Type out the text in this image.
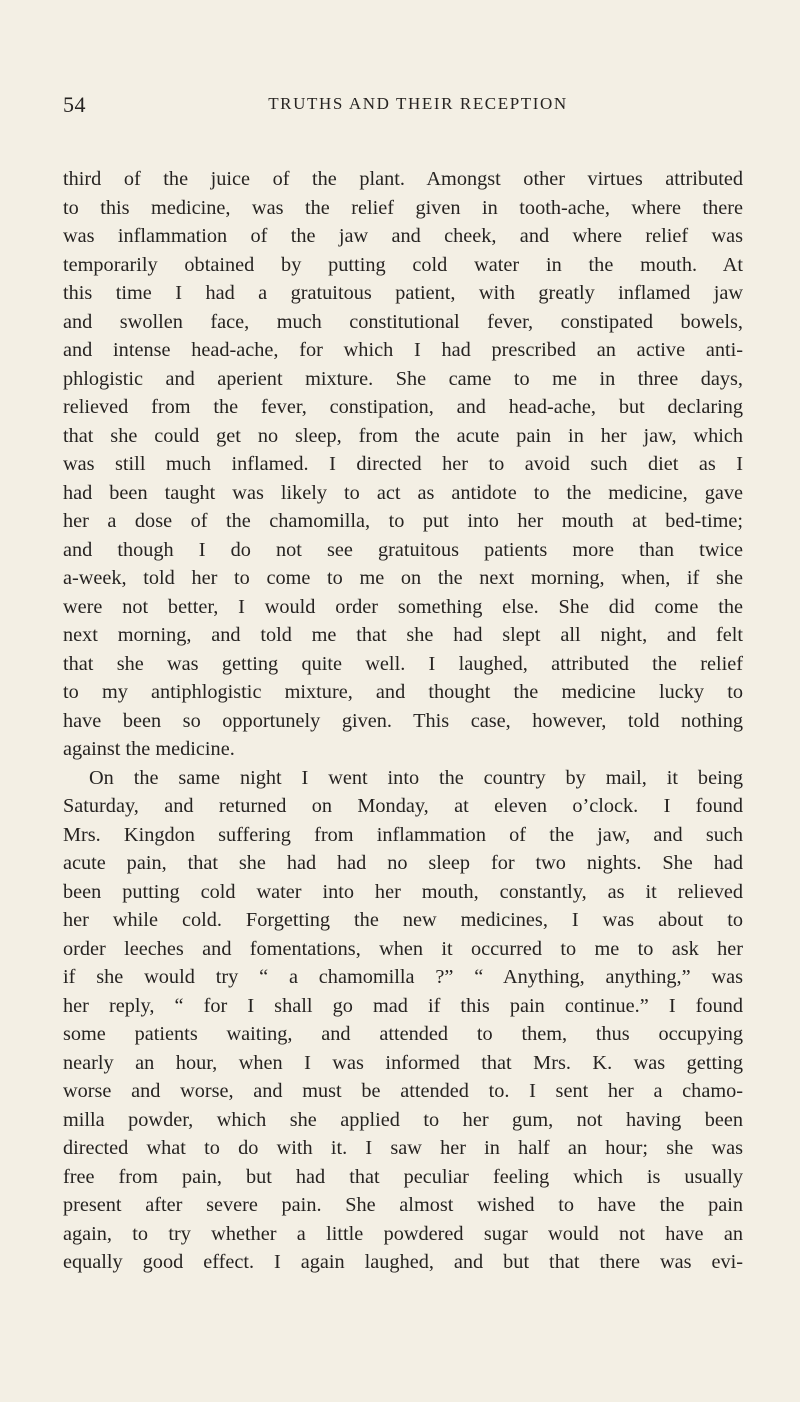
54	TRUTHS AND THEIR RECEPTION
third of the juice of the plant. Amongst other virtues attributed
to this medicine, was the relief given in tooth-ache, where there
was inflammation of the jaw and cheek, and where relief was
temporarily obtained by putting cold water in the mouth. At
this time I had a gratuitous patient, with greatly inflamed jaw
and swollen face, much constitutional fever, constipated bowels,
and intense head-ache, for which I had prescribed an active anti-
phlogistic and aperient mixture. She came to me in three days,
relieved from the fever, constipation, and head-ache, but declaring
that she could get no sleep, from the acute pain in her jaw, which
was still much inflamed. I directed her to avoid such diet as I
had been taught was likely to act as antidote to the medicine, gave
her a dose of the chamomilla, to put into her mouth at bed-time;
and though I do not see gratuitous patients more than twice
a-week, told her to come to me on the next morning, when, if she
were not better, I would order something else. She did come the
next morning, and told me that she had slept all night, and felt
that she was getting quite well. I laughed, attributed the relief
to my antiphlogistic mixture, and thought the medicine lucky to
have been so opportunely given. This case, however, told nothing
against the medicine.
On the same night I went into the country by mail, it being
Saturday, and returned on Monday, at eleven o’clock. I found
Mrs. Kingdon suffering from inflammation of the jaw, and such
acute pain, that she had had no sleep for two nights. She had
been putting cold water into her mouth, constantly, as it relieved
her while cold. Forgetting the new medicines, I was about to
order leeches and fomentations, when it occurred to me to ask her
if she would try “ a chamomilla ?” “ Anything, anything,” was
her reply, “ for I shall go mad if this pain continue.” I found
some patients waiting, and attended to them, thus occupying
nearly an hour, when I was informed that Mrs. K. was getting
worse and worse, and must be attended to. I sent her a chamo-
milla powder, which she applied to her gum, not having been
directed what to do with it. I saw her in half an hour; she was
free from pain, but had that peculiar feeling which is usually
present after severe pain. She almost wished to have the pain
again, to try whether a little powdered sugar would not have an
equally good effect. I again laughed, and but that there was evi-
